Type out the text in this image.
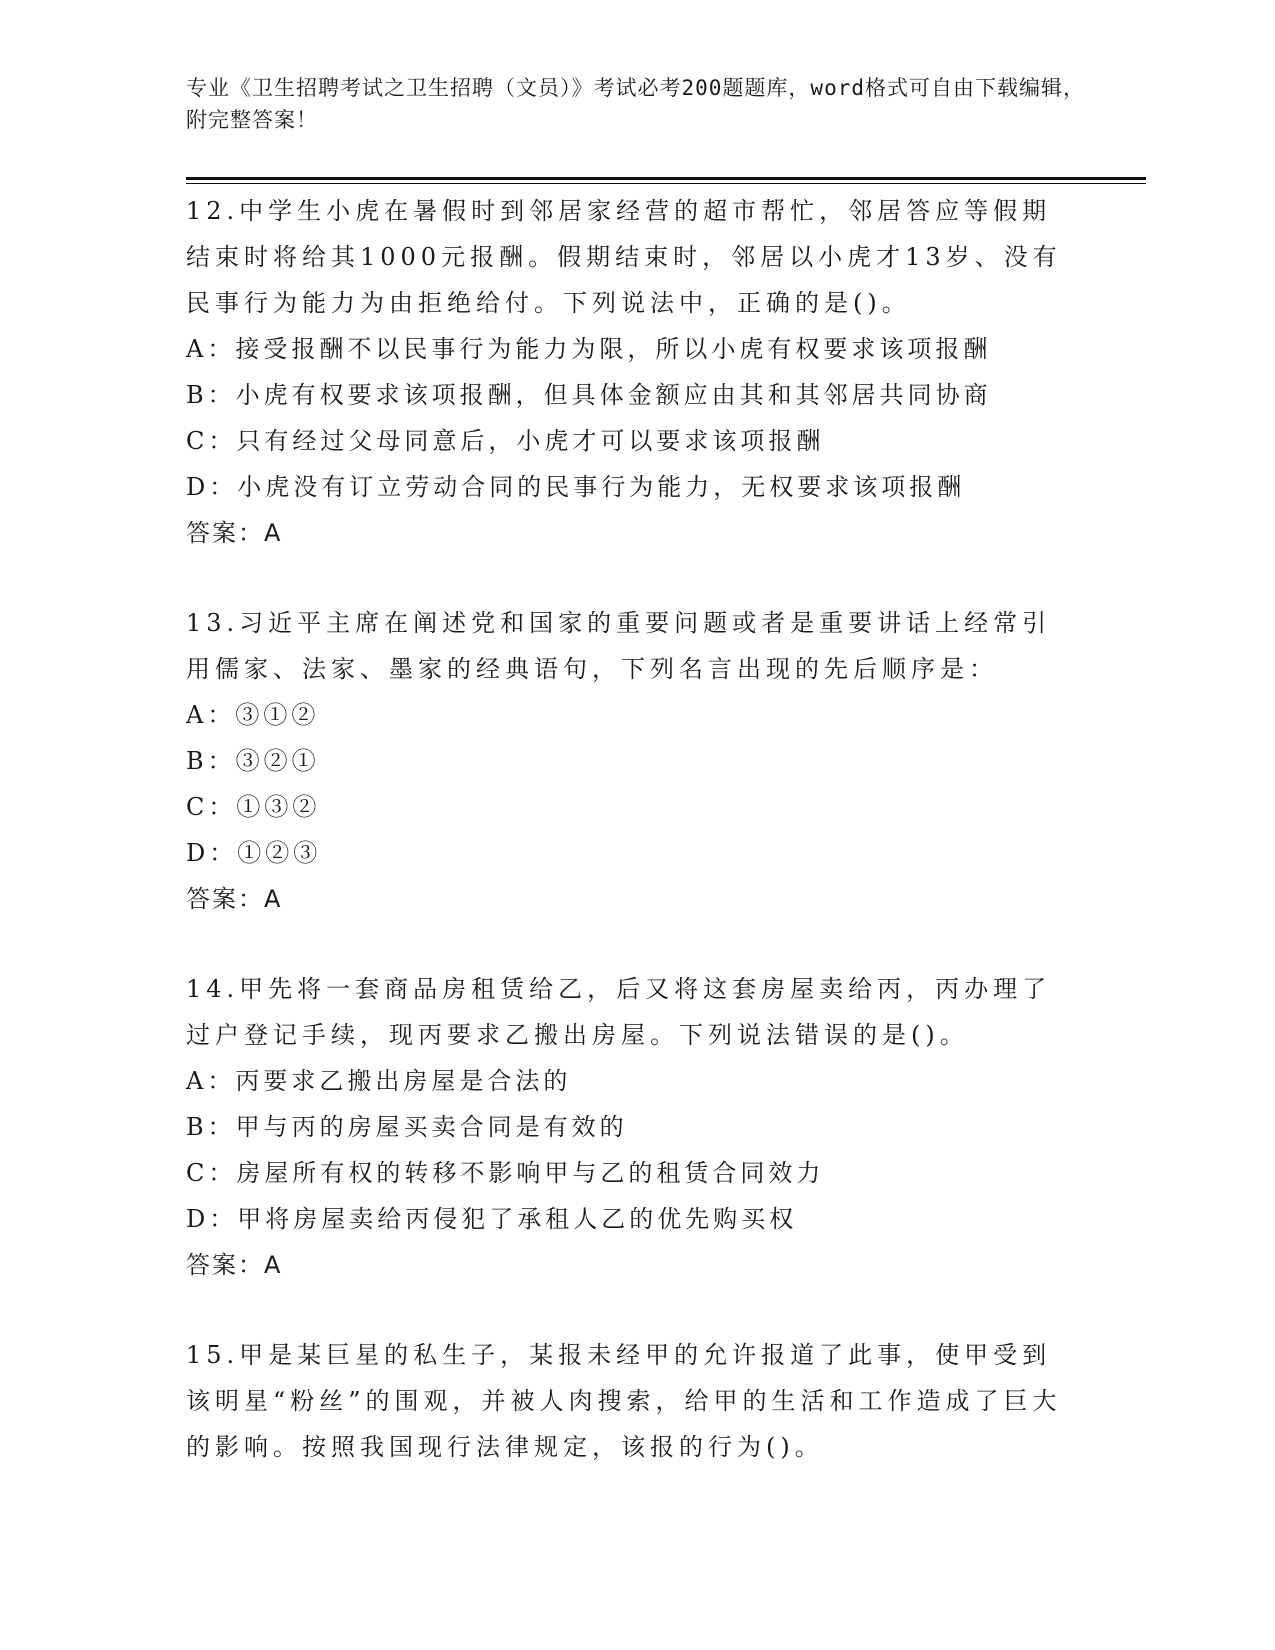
专业《卫生招聘考试之卫生招聘（文员）》考试必考200题题库，word格式可自由下载编辑，附完整答案！
12.中学生小虎在暑假时到邻居家经营的超市帮忙，邻居答应等假期结束时将给其1000元报酬。假期结束时，邻居以小虎才13岁、没有民事行为能力为由拒绝给付。下列说法中，正确的是()。
A：接受报酬不以民事行为能力为限，所以小虎有权要求该项报酬
B：小虎有权要求该项报酬，但具体金额应由其和其邻居共同协商
C：只有经过父母同意后，小虎才可以要求该项报酬
D：小虎没有订立劳动合同的民事行为能力，无权要求该项报酬
答案：A
13.习近平主席在阐述党和国家的重要问题或者是重要讲话上经常引用儒家、法家、墨家的经典语句，下列名言出现的先后顺序是：
A：③①②
B：③②①
C：①③②
D：①②③
答案：A
14.甲先将一套商品房租赁给乙，后又将这套房屋卖给丙，丙办理了过户登记手续，现丙要求乙搬出房屋。下列说法错误的是()。
A：丙要求乙搬出房屋是合法的
B：甲与丙的房屋买卖合同是有效的
C：房屋所有权的转移不影响甲与乙的租赁合同效力
D：甲将房屋卖给丙侵犯了承租人乙的优先购买权
答案：A
15.甲是某巨星的私生子，某报未经甲的允许报道了此事，使甲受到该明星“粉丝”的围观，并被人肉搜索，给甲的生活和工作造成了巨大的影响。按照我国现行法律规定，该报的行为()。
